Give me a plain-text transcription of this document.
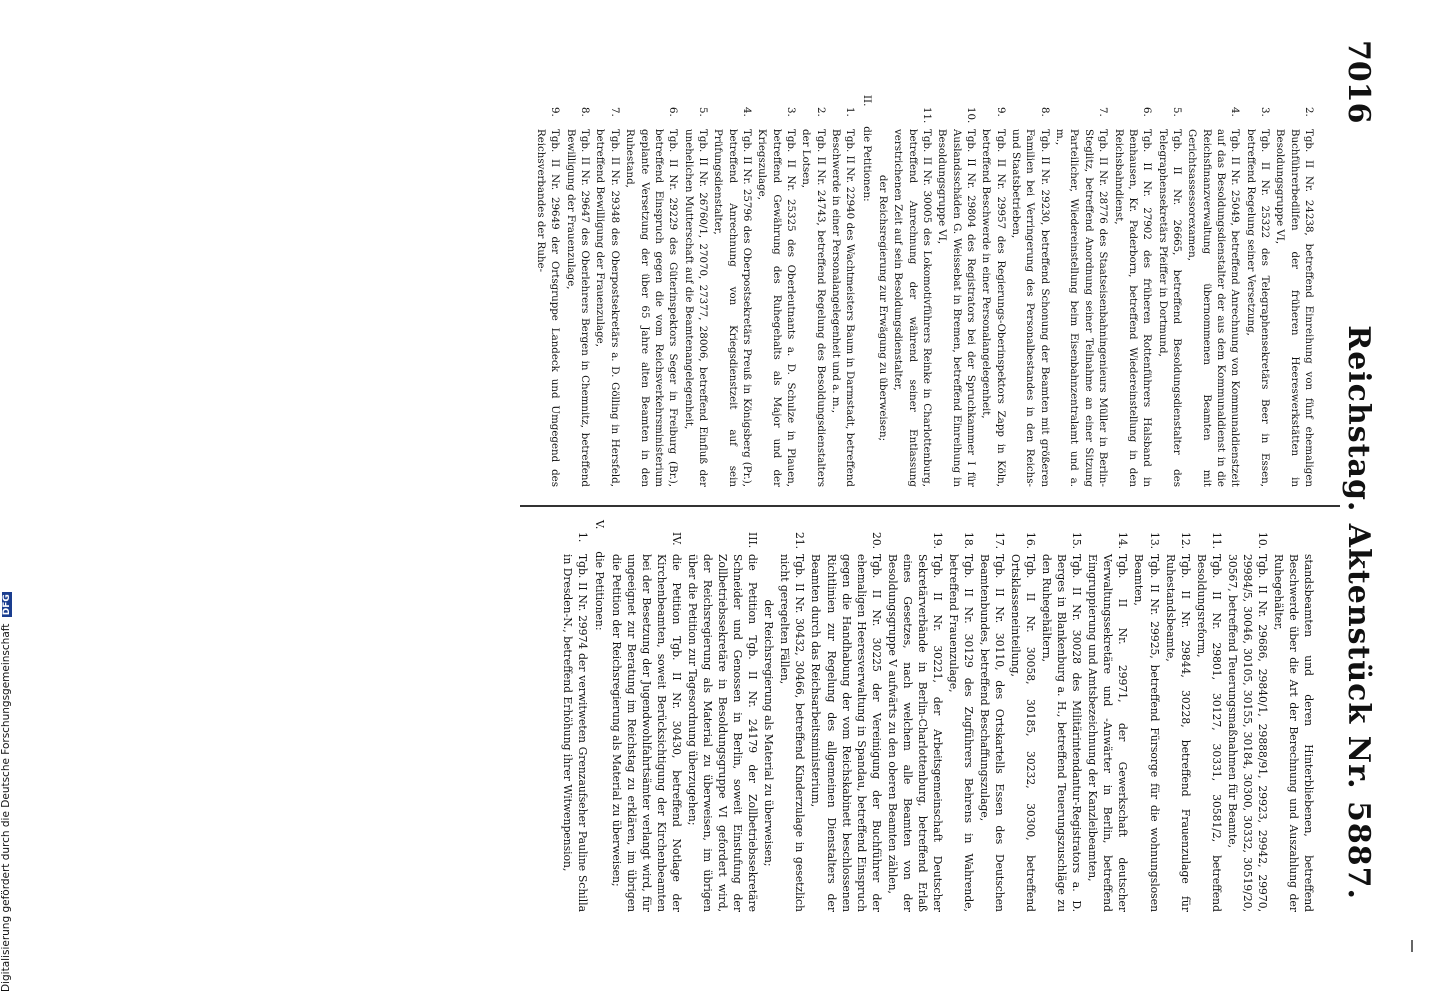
7016
Reichstag. Aktenstück Nr. 5887.

2.Tgb. II Nr. 24238, betreffend Einreihung von fünf ehemaligen Buchführerbedilfen der früheren Heereswerkstätten in Besoldungsgruppe VI,

3.Tgb. II Nr. 25322 des Telegraphensekretärs Beer in Essen, betreffend Regelung seiner Versetzung,

4.Tgb. II Nr. 25049, betreffend Anrechnung von Kommunaldienstzeit auf das Besoldungsdienstalter der aus dem Kommunaldienst in die Reichsfinanzverwaltung übernommenen Beamten mit Gerichtsassessorexamen,

5.Tgb. II Nr. 26665, betreffend Besoldungsdienstalter des Telegraphensekretärs Pfeiffer in Dortmund,

6.Tgb. II Nr. 27902 des früheren Rottenführers Halsband in Benhausen, Kr. Paderborn, betreffend Wiedereinstellung in den Reichsbahndienst,

7.Tgb. II Nr. 28776 des Staatseisenbahningenieurs Müller in Berlin-Steglitz, betreffend Anordnung seiner Teilnahme an einer Sitzung Parteilicher, Wiedereinstellung beim Eisenbahnzentralamt und a. m.,

8.Tgb. II Nr. 29230, betreffend Schonung der Beamten mit größeren Familien bei Verringerung des Personalbestandes in den Reichs- und Staatsbetrieben,

9.Tgb. II Nr. 29957 des Regierungs-Oberinspektors Zapp in Köln, betreffend Beschwerde in einer Personalangelegenheit,

10.Tgb. II Nr. 29804 des Registrators bei der Spruchkammer I für Auslandsschäden G. Weissebat in Bremen, betreffend Einreihung in Besoldungsgruppe VI,

11.Tgb. II Nr. 30005 des Lokomotivführers Reinke in Charlottenburg, betreffend Anrechnung der während seiner Entlassung verstrichenen Zeit auf sein Besoldungsdienstalter,

der Reichsregierung zur Erwägung zu überweisen;

II. die Petitionen:

1.Tgb. II Nr. 22940 des Wachtmeisters Baum in Darmstadt, betreffend Beschwerde in einer Personalangelegenheit und a. m.,

2.Tgb. II Nr. 24743, betreffend Regelung des Besoldungsdienstalters der Lotsen,

3.Tgb. II Nr. 25325 des Oberleutnants a. D. Schulze in Plauen, betreffend Gewährung des Ruhegehalts als Major und der Kriegszulage,

4.Tgb. II Nr. 25796 des Oberpostsekretärs Preuß in Königsberg (Pr.), betreffend Anrechnung von Kriegsdienstzeit auf sein Prüfungsdienstalter,

5.Tgb. II Nr. 26760/1, 27070, 27377, 28006, betreffend Einfluß der unehelichen Mutterschaft auf die Beamtenangelegenheit,

6.Tgb. II Nr. 29229 des Güterinspektors Seger in Freiburg (Br.), betreffend Einspruch gegen die vom Reichsverkehrsministerium geplante Versetzung der über 65 Jahre alten Beamten in den Ruhestand,

7.Tgb. II Nr. 29348 des Oberpostsekretärs a. D. Gölling in Hersfeld, betreffend Bewilligung der Frauenzulage,

8.Tgb. II Nr. 29647 des Oberlehrers Bergen in Chemnitz, betreffend Bewilligung der Frauenzulage,

9.Tgb. II Nr. 29649 der Ortsgruppe Landeck und Umgegend des Reichsverbandes der Ruhe-

standsbeamten und deren Hinterbliebenen, betreffend Beschwerde über die Art der Berechnung und Auszahlung der Ruhegehälter,

10.Tgb. II Nr. 29686, 29840/1, 29888/91, 29923, 29942, 29970, 29984/5, 30046, 30105, 30155, 30184, 30300, 30332, 30519/20, 30567, betreffend Teuerungsmaßnahmen für Beamte,

11.Tgb. II Nr. 29801, 30127, 30331, 30581/2, betreffend Besoldungsreform,

12.Tgb. II Nr. 29844, 30228, betreffend Frauenzulage für Ruhestandsbeamte,

13.Tgb. II Nr. 29925, betreffend Fürsorge für die wohnungslosen Beamten,

14.Tgb. II Nr. 29971, der Gewerkschaft deutscher Verwaltungssekretäre und -Anwärter in Berlin, betreffend Eingruppierung und Amtsbezeichnung der Kanzleibeamten,

15.Tgb. II Nr. 30028 des Militärintendantur-Registrators a. D. Berges in Blankenburg a. H., betreffend Teuerungszuschläge zu den Ruhegehältern,

16.Tgb. II Nr. 30058, 30185, 30232, 30300, betreffend Ortsklasseneinteilung,

17.Tgb. II Nr. 30110, des Ortskartells Essen des Deutschen Beamtenbundes, betreffend Beschaffungszulage,

18.Tgb. II Nr. 30129 des Zugführers Behrens in Wahrende, betreffend Frauenzulage,

19.Tgb. II Nr. 30221, der Arbeitsgemeinschaft Deutscher Sekretärverbände in Berlin-Charlottenburg, betreffend Erlaß eines Gesetzes, nach welchem alle Beamten von der Besoldungsgruppe V aufwärts zu den oberen Beamten zählen,

20.Tgb. II Nr. 30225 der Vereinigung der Buchführer der ehemaligen Heeresverwaltung in Spandau, betreffend Einspruch gegen die Handhabung der vom Reichskabinett beschlossenen Richtlinien zur Regelung des allgemeinen Dienstalters der Beamten durch das Reichsarbeitsministerium,

21.Tgb. II Nr. 30432, 30466, betreffend Kinderzulage in gesetzlich nicht geregelten Fällen,

der Reichsregierung als Material zu überweisen;

III.die Petition Tgb. II Nr. 24179 der Zollbetriebssekretäre Schneider und Genossen in Berlin, soweit Einstufung der Zollbetriebssekretäre in Besoldungsgruppe VI gefordert wird, der Reichsregierung als Material zu überweisen, im übrigen über die Petition zur Tagesordnung überzugehen;

IV.die Petition Tgb. II Nr. 30430, betreffend Notlage der Kirchenbeamten, soweit Berücksichtigung der Kirchenbeamten bei der Besetzung der Jugendwohlfahrtsämter verlangt wird, für ungeeignet zur Beratung im Reichstag zu erklären, im übrigen die Petition der Reichsregierung als Material zu überweisen;

V. die Petitionen:

1.Tgb. II Nr. 29974 der verwitweten Grenzaufseher Pauline Schilla in Dresden-N., betreffend Erhöhung ihrer Witwenpension,

Digitalisierung gefördert durch die Deutsche Forschungsgemeinschaft DFG
